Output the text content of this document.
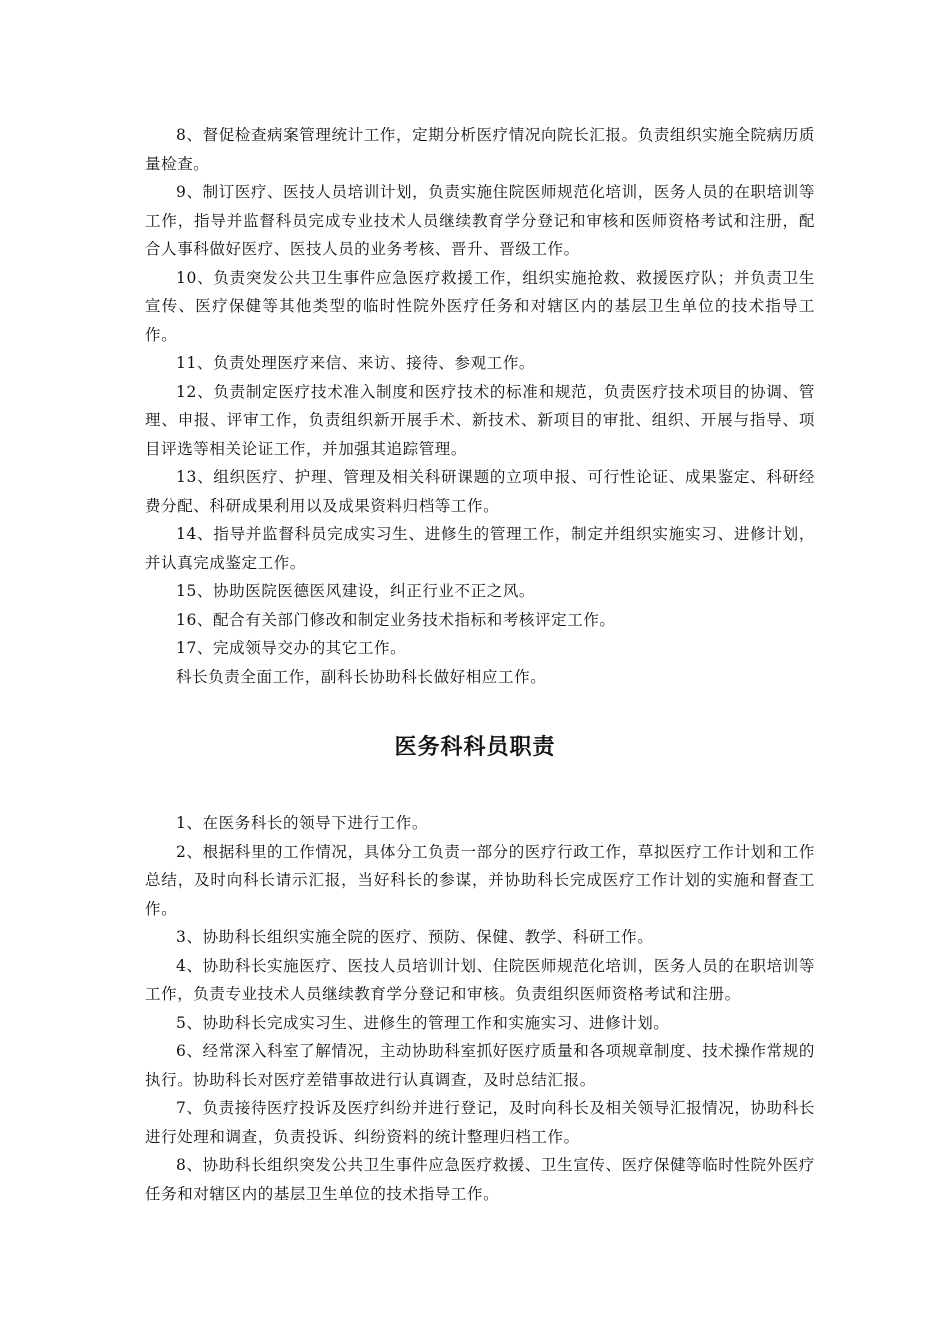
8、督促检查病案管理统计工作，定期分析医疗情况向院长汇报。负责组织实施全院病历质量检查。

9、制订医疗、医技人员培训计划，负责实施住院医师规范化培训，医务人员的在职培训等工作，指导并监督科员完成专业技术人员继续教育学分登记和审核和医师资格考试和注册，配合人事科做好医疗、医技人员的业务考核、晋升、晋级工作。

10、负责突发公共卫生事件应急医疗救援工作，组织实施抢救、救援医疗队；并负责卫生宣传、医疗保健等其他类型的临时性院外医疗任务和对辖区内的基层卫生单位的技术指导工作。

11、负责处理医疗来信、来访、接待、参观工作。

12、负责制定医疗技术准入制度和医疗技术的标准和规范，负责医疗技术项目的协调、管理、申报、评审工作，负责组织新开展手术、新技术、新项目的审批、组织、开展与指导、项目评选等相关论证工作，并加强其追踪管理。

13、组织医疗、护理、管理及相关科研课题的立项申报、可行性论证、成果鉴定、科研经费分配、科研成果利用以及成果资料归档等工作。

14、指导并监督科员完成实习生、进修生的管理工作，制定并组织实施实习、进修计划，并认真完成鉴定工作。

15、协助医院医德医风建设，纠正行业不正之风。

16、配合有关部门修改和制定业务技术指标和考核评定工作。

17、完成领导交办的其它工作。

科长负责全面工作，副科长协助科长做好相应工作。

医务科科员职责

1、在医务科长的领导下进行工作。

2、根据科里的工作情况，具体分工负责一部分的医疗行政工作，草拟医疗工作计划和工作总结，及时向科长请示汇报，当好科长的参谋，并协助科长完成医疗工作计划的实施和督查工作。

3、协助科长组织实施全院的医疗、预防、保健、教学、科研工作。

4、协助科长实施医疗、医技人员培训计划、住院医师规范化培训，医务人员的在职培训等工作，负责专业技术人员继续教育学分登记和审核。负责组织医师资格考试和注册。

5、协助科长完成实习生、进修生的管理工作和实施实习、进修计划。

6、经常深入科室了解情况，主动协助科室抓好医疗质量和各项规章制度、技术操作常规的执行。协助科长对医疗差错事故进行认真调查，及时总结汇报。

7、负责接待医疗投诉及医疗纠纷并进行登记，及时向科长及相关领导汇报情况，协助科长进行处理和调查，负责投诉、纠纷资料的统计整理归档工作。

8、协助科长组织突发公共卫生事件应急医疗救援、卫生宣传、医疗保健等临时性院外医疗任务和对辖区内的基层卫生单位的技术指导工作。
